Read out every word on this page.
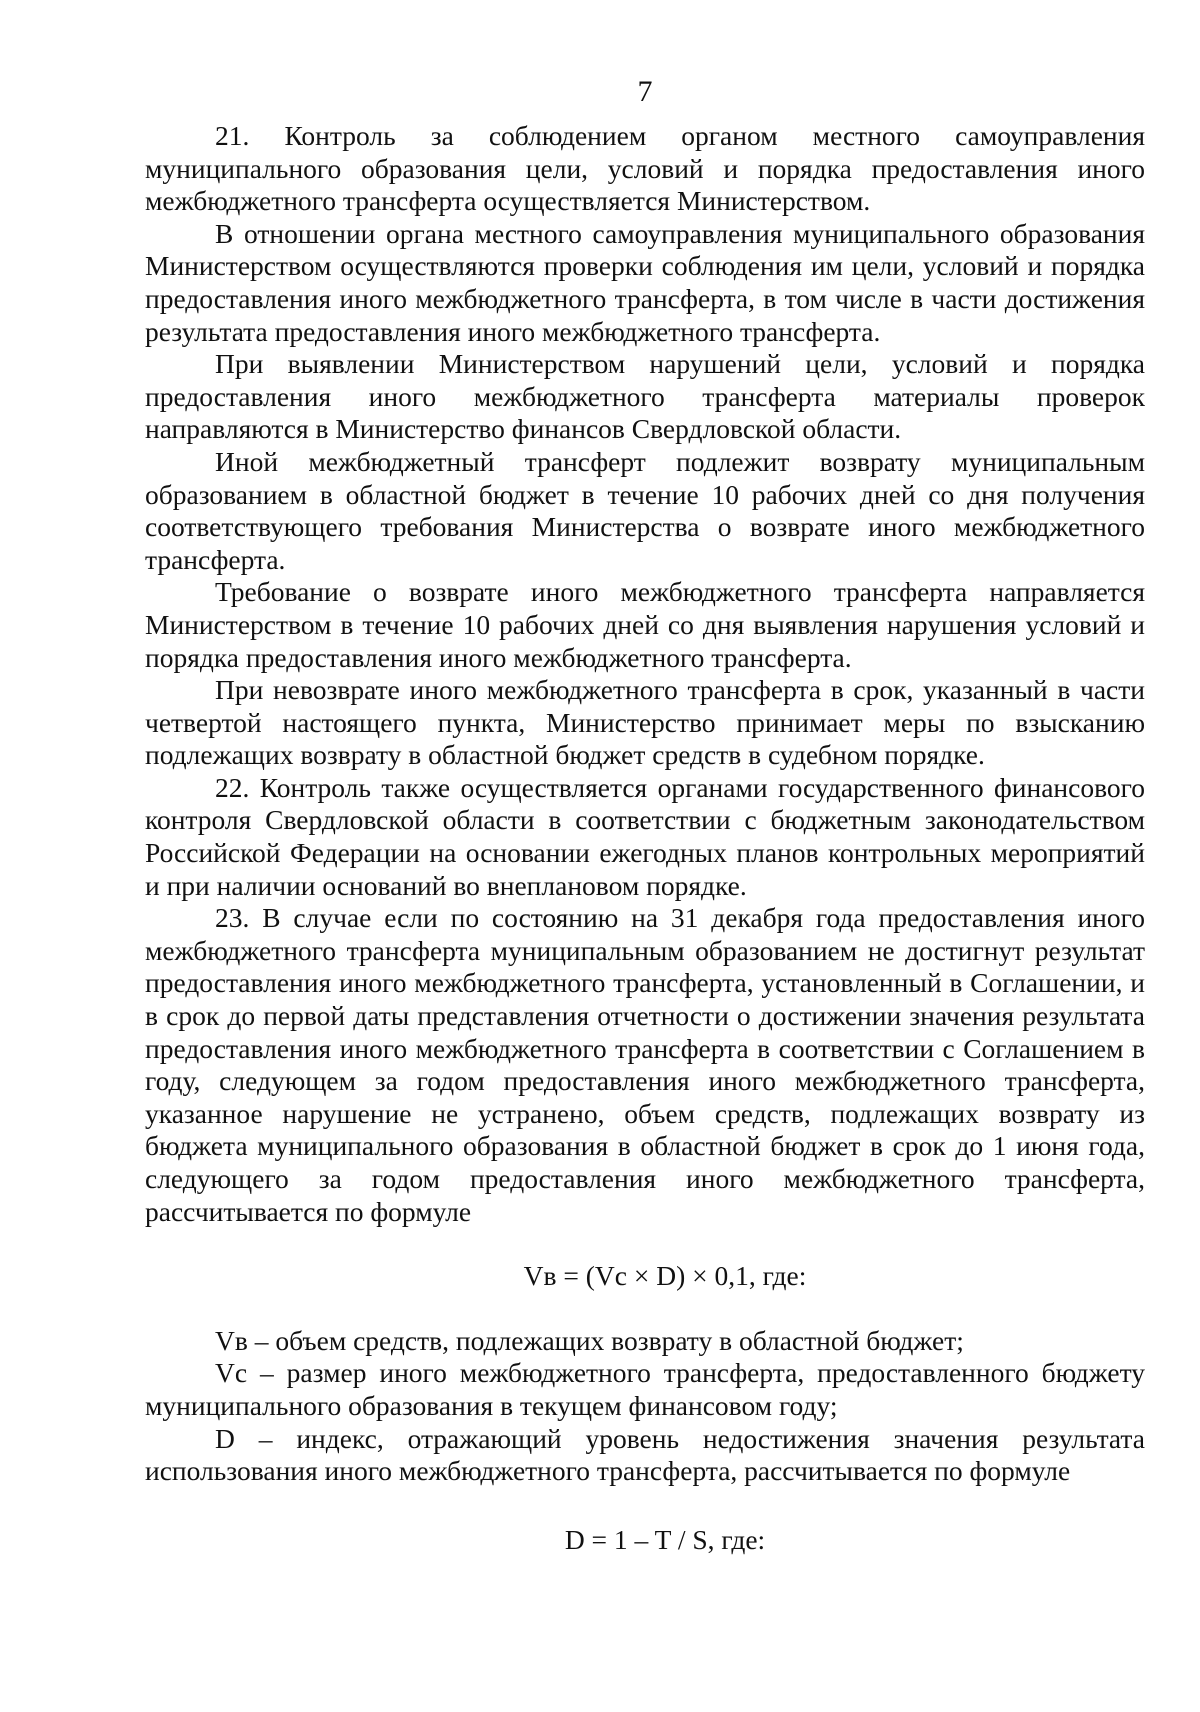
7

21. Контроль за соблюдением органом местного самоуправления муниципального образования цели, условий и порядка предоставления иного межбюджетного трансферта осуществляется Министерством.

В отношении органа местного самоуправления муниципального образования Министерством осуществляются проверки соблюдения им цели, условий и порядка предоставления иного межбюджетного трансферта, в том числе в части достижения результата предоставления иного межбюджетного трансферта.

При выявлении Министерством нарушений цели, условий и порядка предоставления иного межбюджетного трансферта материалы проверок направляются в Министерство финансов Свердловской области.

Иной межбюджетный трансферт подлежит возврату муниципальным образованием в областной бюджет в течение 10 рабочих дней со дня получения соответствующего требования Министерства о возврате иного межбюджетного трансферта.

Требование о возврате иного межбюджетного трансферта направляется Министерством в течение 10 рабочих дней со дня выявления нарушения условий и порядка предоставления иного межбюджетного трансферта.

При невозврате иного межбюджетного трансферта в срок, указанный в части четвертой настоящего пункта, Министерство принимает меры по взысканию подлежащих возврату в областной бюджет средств в судебном порядке.

22. Контроль также осуществляется органами государственного финансового контроля Свердловской области в соответствии с бюджетным законодательством Российской Федерации на основании ежегодных планов контрольных мероприятий и при наличии оснований во внеплановом порядке.

23. В случае если по состоянию на 31 декабря года предоставления иного межбюджетного трансферта муниципальным образованием не достигнут результат предоставления иного межбюджетного трансферта, установленный в Соглашении, и в срок до первой даты представления отчетности о достижении значения результата предоставления иного межбюджетного трансферта в соответствии с Соглашением в году, следующем за годом предоставления иного межбюджетного трансферта, указанное нарушение не устранено, объем средств, подлежащих возврату из бюджета муниципального образования в областной бюджет в срок до 1 июня года, следующего за годом предоставления иного межбюджетного трансферта, рассчитывается по формуле

Vв = (Vс × D) × 0,1, где:

Vв – объем средств, подлежащих возврату в областной бюджет;

Vс – размер иного межбюджетного трансферта, предоставленного бюджету муниципального образования в текущем финансовом году;

D – индекс, отражающий уровень недостижения значения результата использования иного межбюджетного трансферта, рассчитывается по формуле

D = 1 – T / S, где:
